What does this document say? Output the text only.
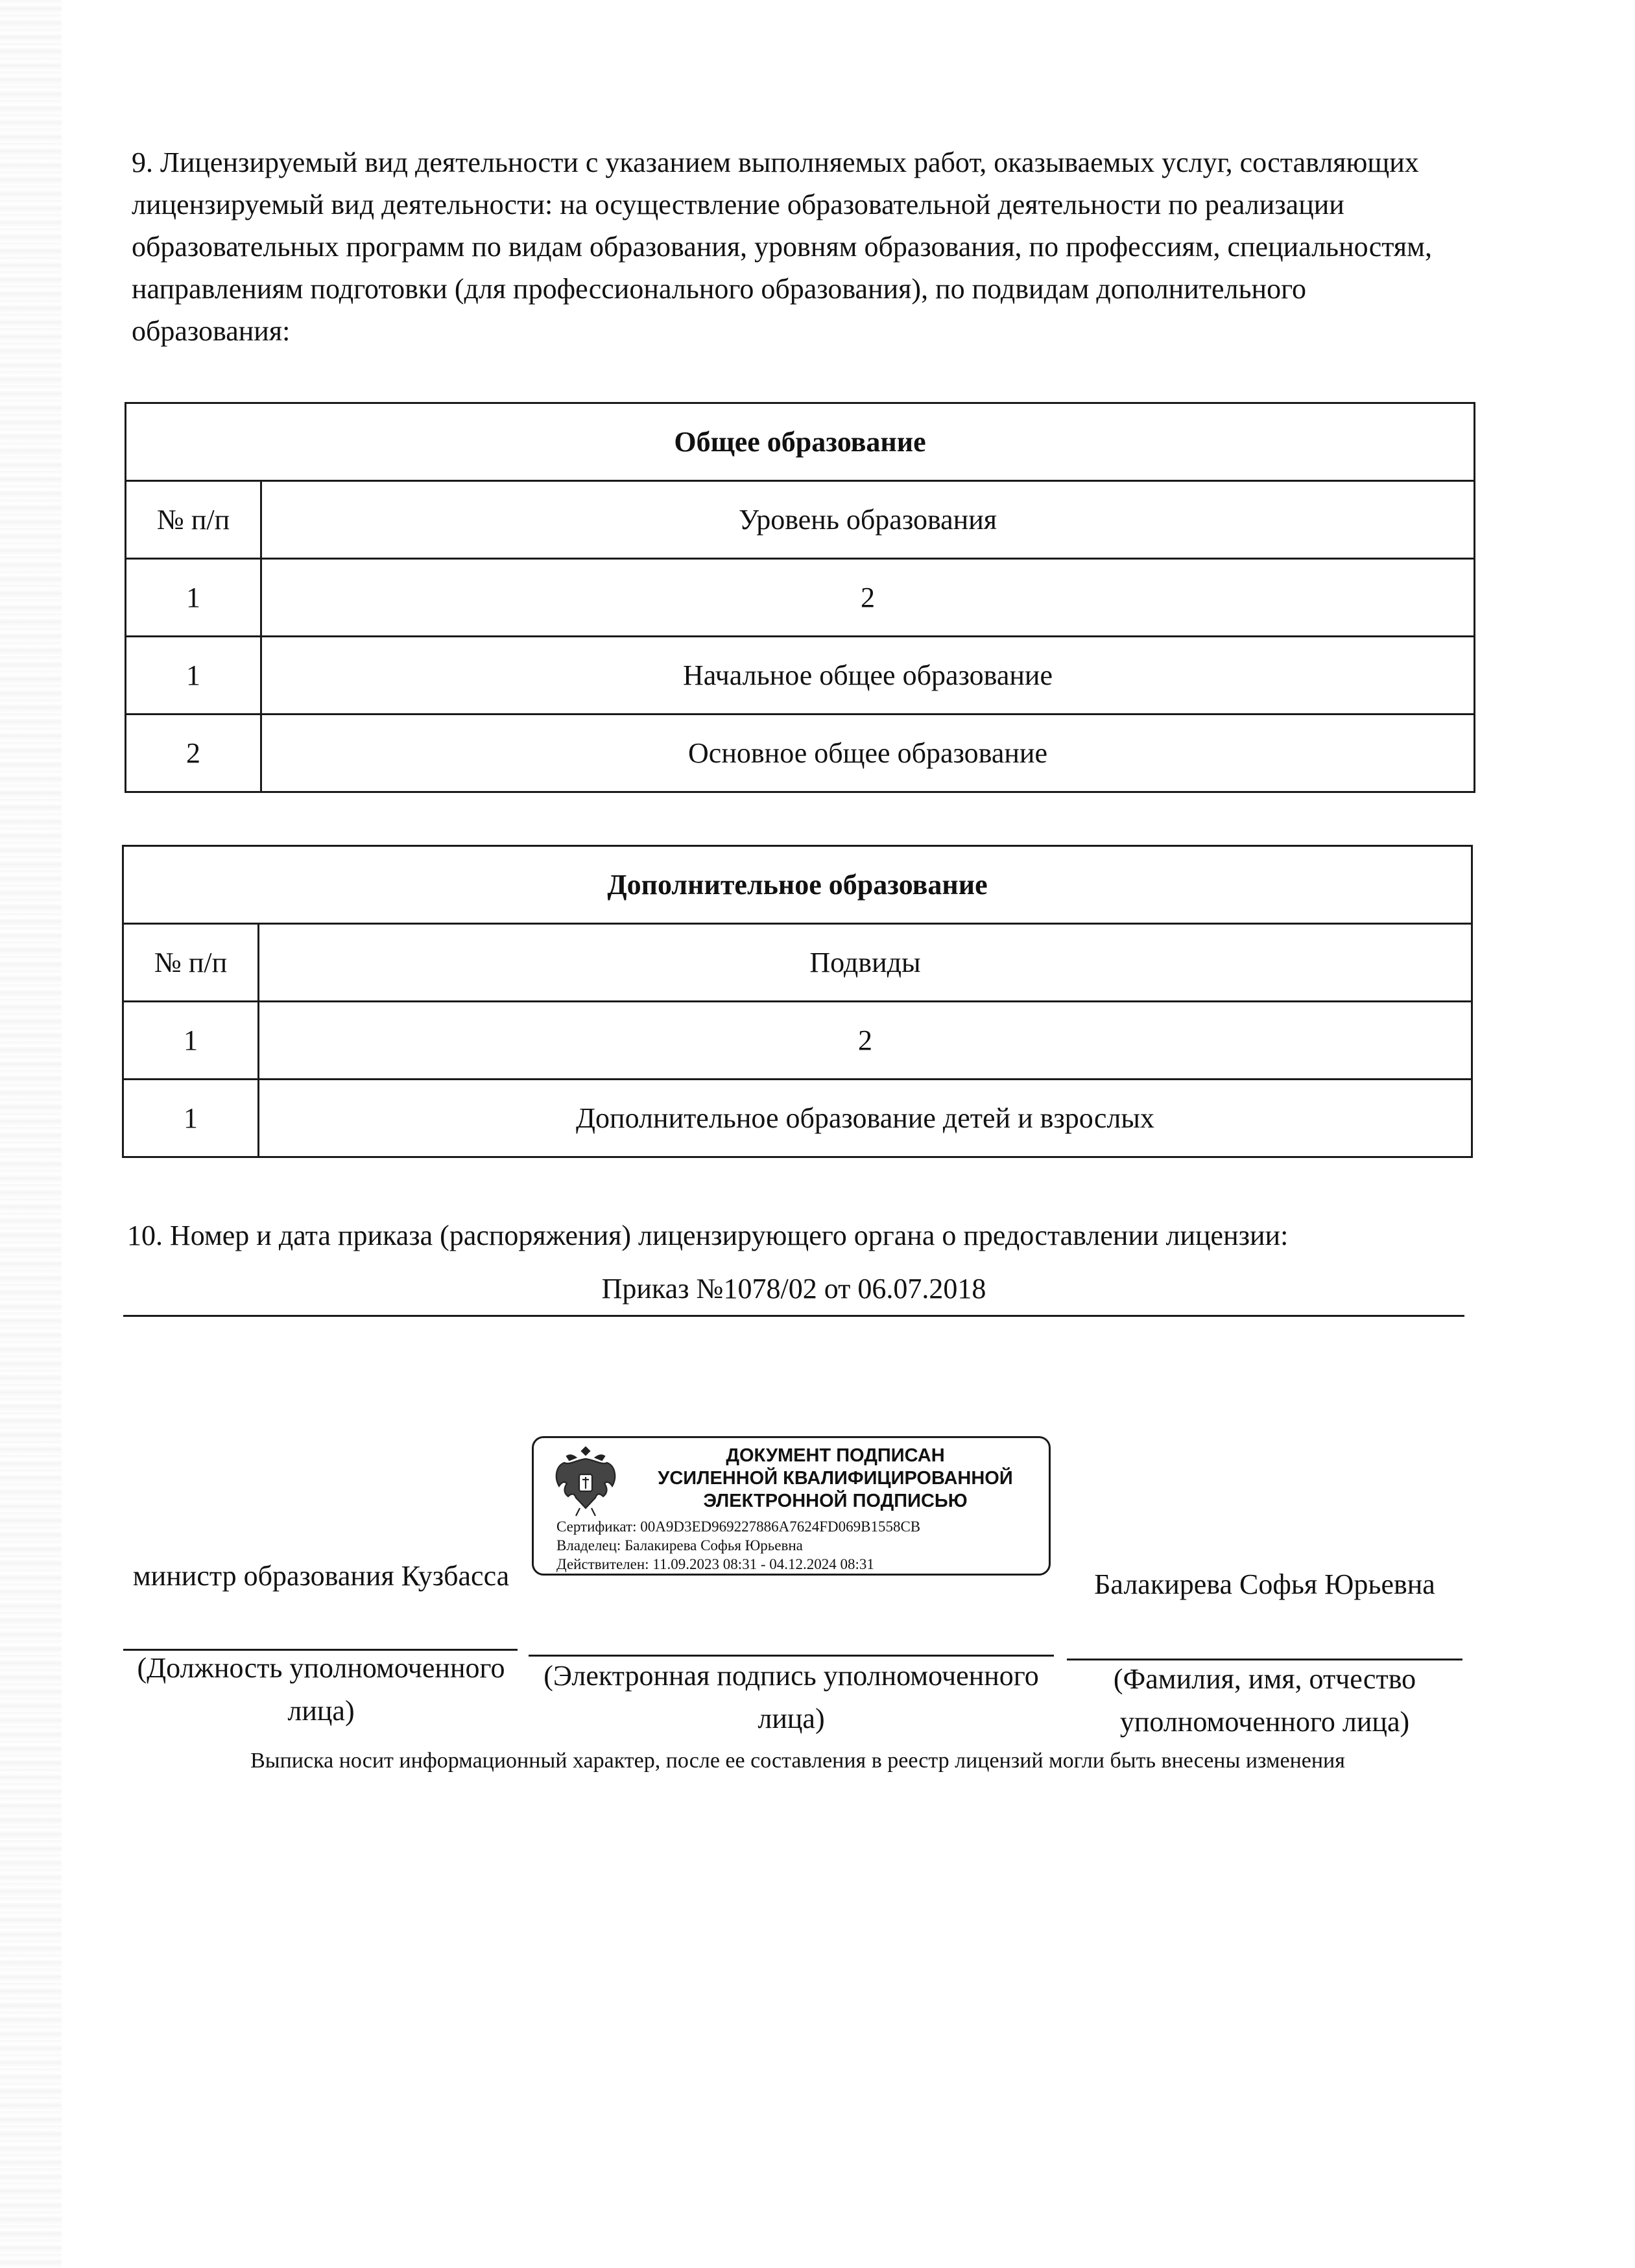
9. Лицензируемый вид деятельности с указанием выполняемых работ, оказываемых услуг, составляющих лицензируемый вид деятельности: на осуществление образовательной деятельности по реализации образовательных программ по видам образования, уровням образования, по профессиям, специальностям, направлениям подготовки (для профессионального образования), по подвидам дополнительного образования:

Общее образование	
№ п/п	Уровень образования
1	2
1	Начальное общее образование
2	Основное общее образование
Дополнительное образование	
№ п/п	Подвиды
1	2
1	Дополнительное образование детей и взрослых
10. Номер и дата приказа (распоряжения) лицензирующего органа о предоставлении лицензии:
Приказ №1078/02 от 06.07.2018
ДОКУМЕНТ ПОДПИСАН
УСИЛЕННОЙ КВАЛИФИЦИРОВАННОЙ
ЭЛЕКТРОННОЙ ПОДПИСЬЮ
Сертификат: 00A9D3ED969227886A7624FD069B1558CB
Владелец: Балакирева Софья Юрьевна
Действителен: 11.09.2023 08:31 - 04.12.2024 08:31
министр образования Кузбасса	Балакирева Софья Юрьевна
(Должность уполномоченного лица)
(Электронная подпись уполномоченного лица)
(Фамилия, имя, отчество уполномоченного лица)
Выписка носит информационный характер, после ее составления в реестр лицензий могли быть внесены изменения
